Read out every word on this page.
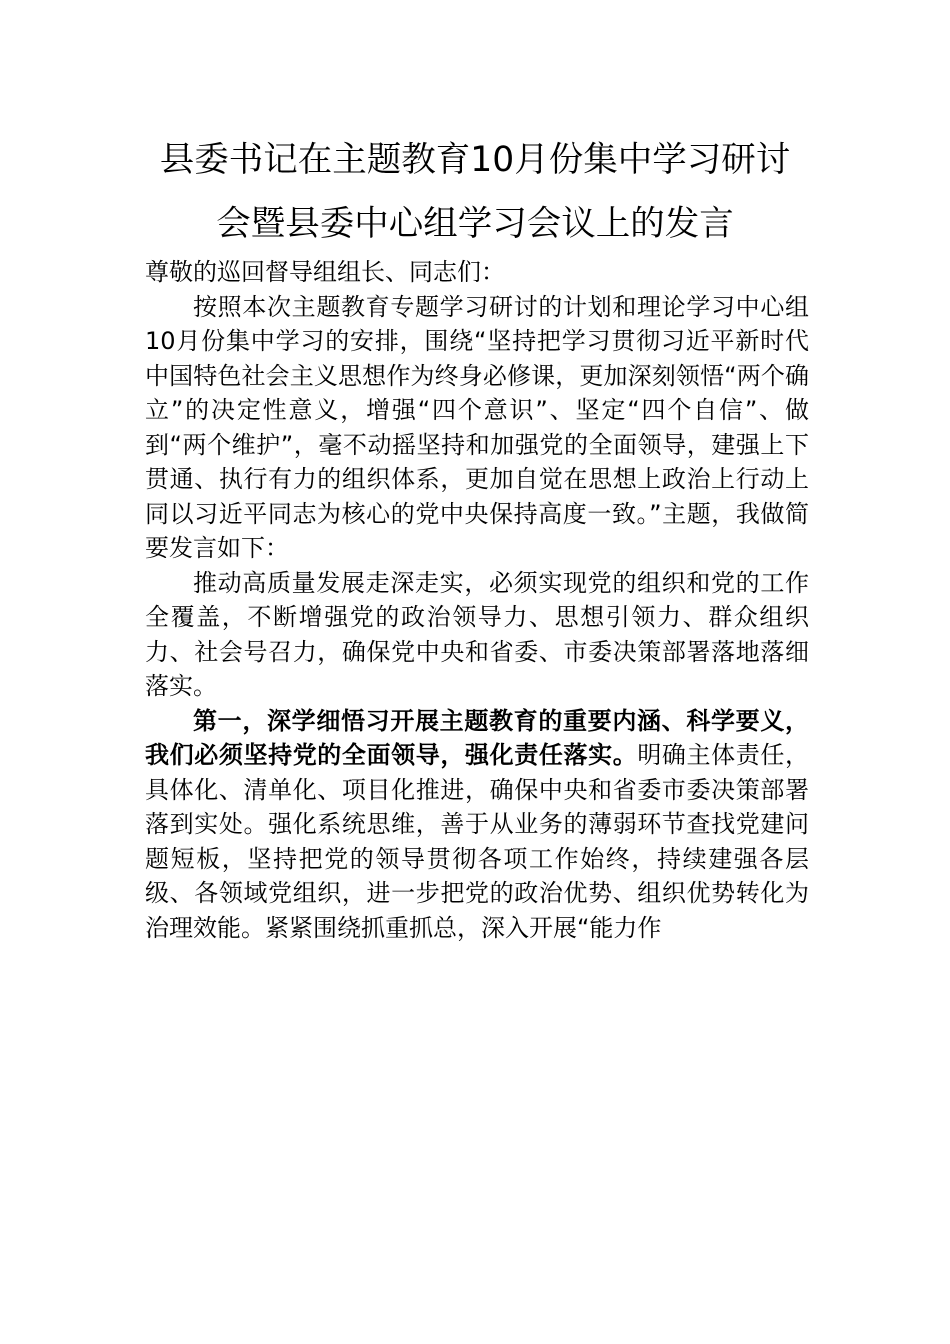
县委书记在主题教育10月份集中学习研讨
会暨县委中心组学习会议上的发言

尊敬的巡回督导组组长、同志们：

按照本次主题教育专题学习研讨的计划和理论学习中心组10月份集中学习的安排，围绕“坚持把学习贯彻习近平新时代中国特色社会主义思想作为终身必修课，更加深刻领悟“两个确立”的决定性意义，增强“四个意识”、坚定“四个自信”、做到“两个维护”，毫不动摇坚持和加强党的全面领导，建强上下贯通、执行有力的组织体系，更加自觉在思想上政治上行动上同以习近平同志为核心的党中央保持高度一致。”主题，我做简要发言如下：

推动高质量发展走深走实，必须实现党的组织和党的工作全覆盖，不断增强党的政治领导力、思想引领力、群众组织力、社会号召力，确保党中央和省委、市委决策部署落地落细落实。

第一，深学细悟习开展主题教育的重要内涵、科学要义，我们必须坚持党的全面领导，强化责任落实。明确主体责任，具体化、清单化、项目化推进，确保中央和省委市委决策部署落到实处。强化系统思维，善于从业务的薄弱环节查找党建问题短板，坚持把党的领导贯彻各项工作始终，持续建强各层级、各领域党组织，进一步把党的政治优势、组织优势转化为治理效能。紧紧围绕抓重抓总，深入开展“能力作
